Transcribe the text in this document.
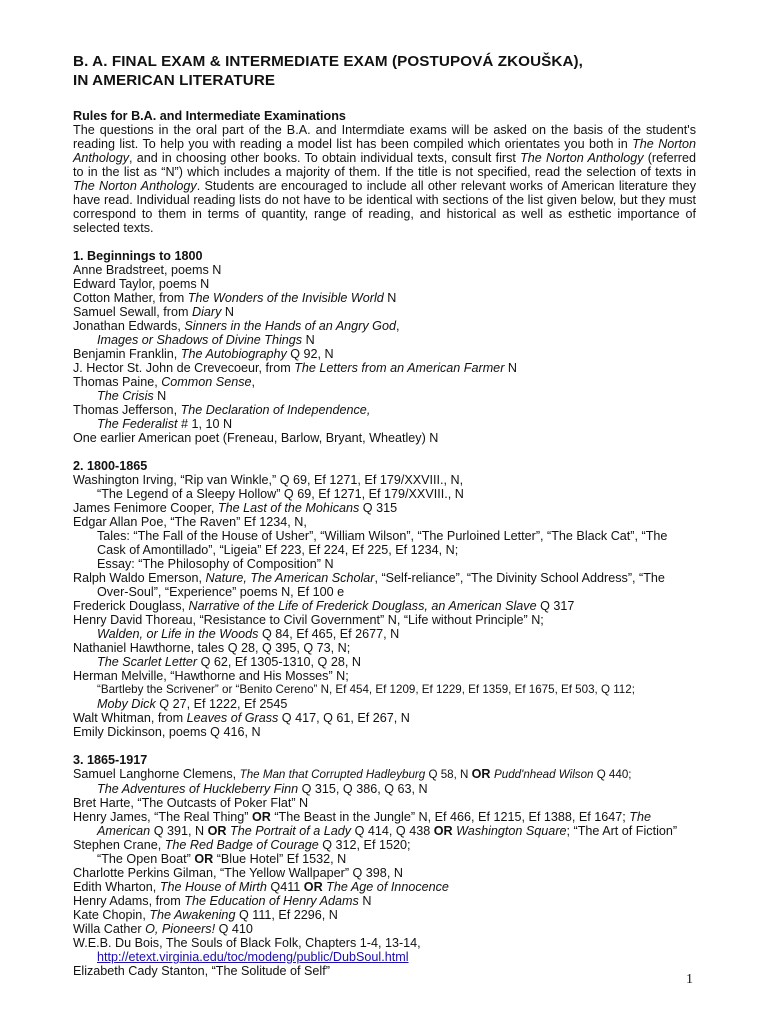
B. A. FINAL EXAM & INTERMEDIATE EXAM (POSTUPOVÁ ZKOUŠKA),
IN AMERICAN LITERATURE
Rules for B.A. and Intermediate Examinations
The questions in the oral part of the B.A. and Intermdiate exams will be asked on the basis of the student's reading list. To help you with reading a model list has been compiled which orientates you both in The Norton Anthology, and in choosing other books. To obtain individual texts, consult first The Norton Anthology (referred to in the list as “N”) which includes a majority of them. If the title is not specified, read the selection of texts in The Norton Anthology. Students are encouraged to include all other relevant works of American literature they have read. Individual reading lists do not have to be identical with sections of the list given below, but they must correspond to them in terms of quantity, range of reading, and historical as well as esthetic importance of selected texts.
1. Beginnings to 1800
Anne Bradstreet, poems N
Edward Taylor, poems N
Cotton Mather, from The Wonders of the Invisible World N
Samuel Sewall, from Diary N
Jonathan Edwards, Sinners in the Hands of an Angry God,
Images or Shadows of Divine Things N
Benjamin Franklin, The Autobiography Q 92, N
J. Hector St. John de Crevecoeur, from The Letters from an American Farmer N
Thomas Paine, Common Sense,
The Crisis N
Thomas Jefferson, The Declaration of Independence,
The Federalist # 1, 10 N
One earlier American poet (Freneau, Barlow, Bryant, Wheatley) N
2. 1800-1865
Washington Irving, “Rip van Winkle,” Q 69, Ef 1271, Ef 179/XXVIII., N,
“The Legend of a Sleepy Hollow” Q 69, Ef 1271, Ef 179/XXVIII., N
James Fenimore Cooper, The Last of the Mohicans Q 315
Edgar Allan Poe, “The Raven” Ef 1234, N,
Tales: “The Fall of the House of Usher”, “William Wilson”, “The Purloined Letter”, “The Black Cat”, “The Cask of Amontillado”, “Ligeia” Ef 223, Ef 224, Ef 225, Ef 1234, N;
Essay: “The Philosophy of Composition” N
Ralph Waldo Emerson, Nature, The American Scholar, “Self-reliance”, “The Divinity School Address”, “The Over-Soul”, “Experience” poems N, Ef 100 e
Frederick Douglass, Narrative of the Life of Frederick Douglass, an American Slave Q 317
Henry David Thoreau, “Resistance to Civil Government” N, “Life without Principle” N;
Walden, or Life in the Woods Q 84, Ef 465, Ef 2677, N
Nathaniel Hawthorne, tales Q 28, Q 395, Q 73, N;
The Scarlet Letter Q 62, Ef 1305-1310, Q 28, N
Herman Melville, “Hawthorne and His Mosses” N;
“Bartleby the Scrivener” or “Benito Cereno” N, Ef 454, Ef 1209, Ef 1229, Ef 1359, Ef 1675, Ef 503, Q 112;
Moby Dick Q 27, Ef 1222, Ef 2545
Walt Whitman, from Leaves of Grass Q 417, Q 61, Ef 267, N
Emily Dickinson, poems Q 416, N
3. 1865-1917
Samuel Langhorne Clemens, The Man that Corrupted Hadleyburg Q 58, N OR Pudd'nhead Wilson Q 440;
The Adventures of Huckleberry Finn Q 315, Q 386, Q 63, N
Bret Harte, “The Outcasts of Poker Flat” N
Henry James, “The Real Thing” OR “The Beast in the Jungle” N, Ef 466, Ef 1215, Ef 1388, Ef 1647; The American Q 391, N OR The Portrait of a Lady Q 414, Q 438 OR Washington Square; “The Art of Fiction”
Stephen Crane, The Red Badge of Courage Q 312, Ef 1520;
“The Open Boat” OR “Blue Hotel” Ef 1532, N
Charlotte Perkins Gilman, “The Yellow Wallpaper” Q 398, N
Edith Wharton, The House of Mirth Q411 OR The Age of Innocence
Henry Adams, from The Education of Henry Adams N
Kate Chopin, The Awakening Q 111, Ef 2296, N
Willa Cather O, Pioneers! Q 410
W.E.B. Du Bois, The Souls of Black Folk, Chapters 1-4, 13-14,
http://etext.virginia.edu/toc/modeng/public/DubSoul.html
Elizabeth Cady Stanton, “The Solitude of Self”
1
